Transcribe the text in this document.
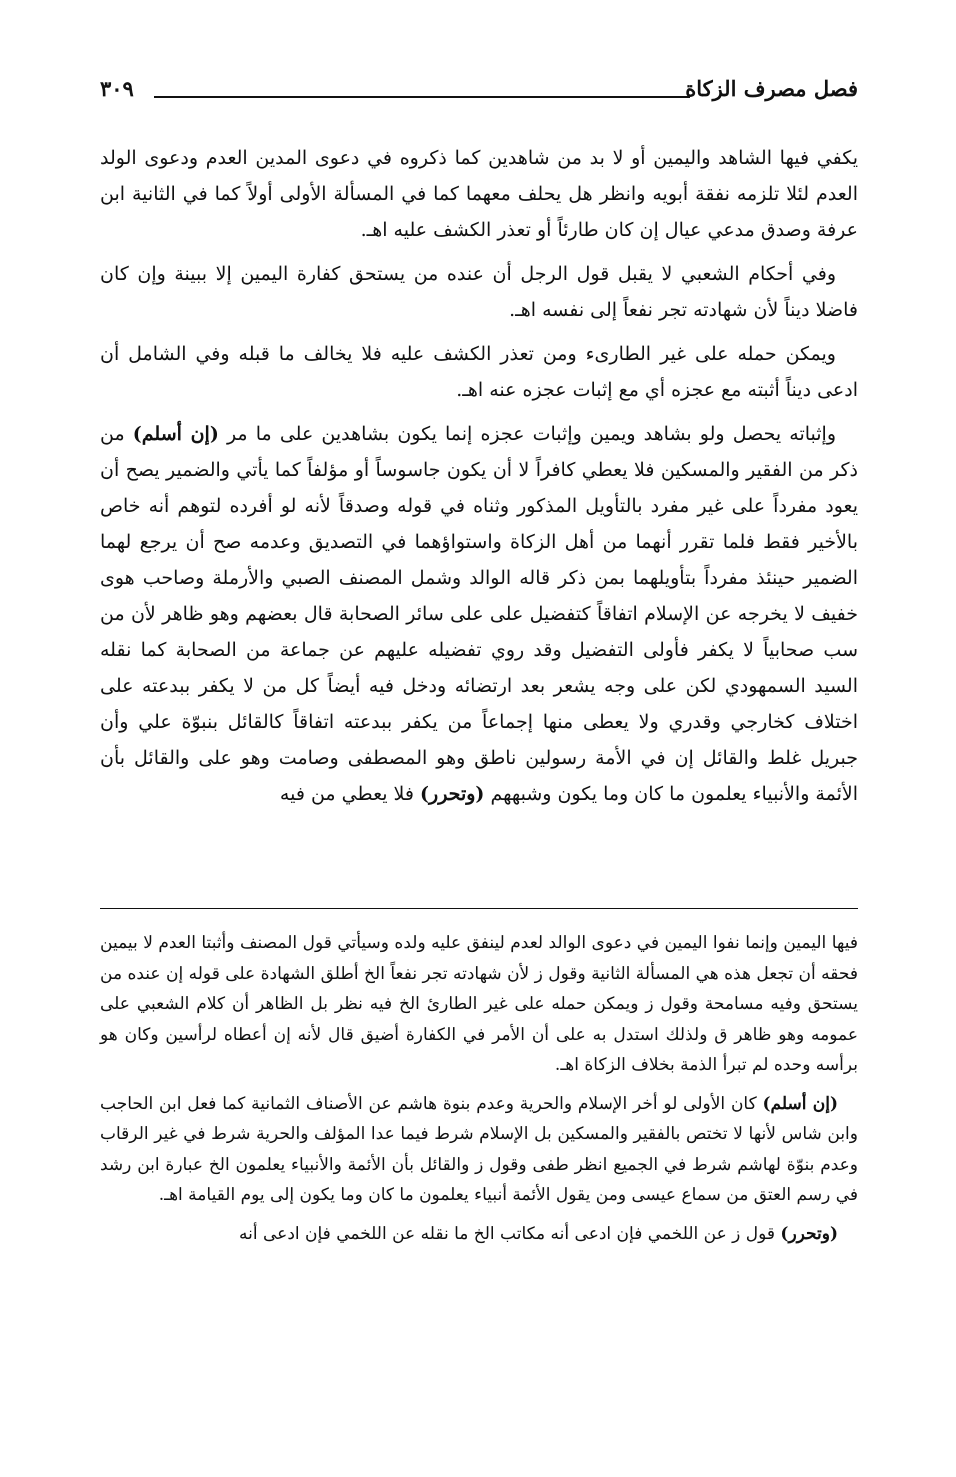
فصل مصرف الزكاة
٣٠٩

يكفي فيها الشاهد واليمين أو لا بد من شاهدين كما ذكروه في دعوى المدين العدم ودعوى الولد العدم لئلا تلزمه نفقة أبويه وانظر هل يحلف معهما كما في المسألة الأولى أولاً كما في الثانية ابن عرفة وصدق مدعي عيال إن كان طارئاً أو تعذر الكشف عليه اهـ.

وفي أحكام الشعبي لا يقبل قول الرجل أن عنده من يستحق كفارة اليمين إلا ببينة وإن كان فاضلا ديناً لأن شهادته تجر نفعاً إلى نفسه اهـ.

ويمكن حمله على غير الطارىء ومن تعذر الكشف عليه فلا يخالف ما قبله وفي الشامل أن ادعى ديناً أثبته مع عجزه أي مع إثبات عجزه عنه اهـ.

وإثباته يحصل ولو بشاهد ويمين وإثبات عجزه إنما يكون بشاهدين على ما مر (إن أسلم) من ذكر من الفقير والمسكين فلا يعطي كافراً لا أن يكون جاسوساً أو مؤلفاً كما يأتي والضمير يصح أن يعود مفرداً على غير مفرد بالتأويل المذكور وثناه في قوله وصدقاً لأنه لو أفرده لتوهم أنه خاص بالأخير فقط فلما تقرر أنهما من أهل الزكاة واستواؤهما في التصديق وعدمه صح أن يرجع لهما الضمير حينئذ مفرداً بتأويلهما بمن ذكر قاله الوالد وشمل المصنف الصبي والأرملة وصاحب هوى خفيف لا يخرجه عن الإسلام اتفاقاً كتفضيل على على سائر الصحابة قال بعضهم وهو ظاهر لأن من سب صحابياً لا يكفر فأولى التفضيل وقد روي تفضيله عليهم عن جماعة من الصحابة كما نقله السيد السمهودي لكن على وجه يشعر بعد ارتضائه ودخل فيه أيضاً كل من لا يكفر ببدعته على اختلاف كخارجي وقدري ولا يعطى منها إجماعاً من يكفر ببدعته اتفاقاً كالقائل بنبوّة علي وأن جبريل غلط والقائل إن في الأمة رسولين ناطق وهو المصطفى وصامت وهو على والقائل بأن الأئمة والأنبياء يعلمون ما كان وما يكون وشبههم (وتحرر) فلا يعطي من فيه

فيها اليمين وإنما نفوا اليمين في دعوى الوالد لعدم لينفق عليه ولده وسيأتي قول المصنف وأثبتا العدم لا بيمين فحقه أن تجعل هذه هي المسألة الثانية وقول ز لأن شهادته تجر نفعاً الخ أطلق الشهادة على قوله إن عنده من يستحق وفيه مسامحة وقول ز ويمكن حمله على غير الطارئ الخ فيه نظر بل الظاهر أن كلام الشعبي على عمومه وهو ظاهر ق ولذلك استدل به على أن الأمر في الكفارة أضيق قال لأنه إن أعطاه لرأسين وكان هو برأسه وحده لم تبرأ الذمة بخلاف الزكاة اهـ.

(إن أسلم) كان الأولى لو أخر الإسلام والحرية وعدم بنوة هاشم عن الأصناف الثمانية كما فعل ابن الحاجب وابن شاس لأنها لا تختص بالفقير والمسكين بل الإسلام شرط فيما عدا المؤلف والحرية شرط في غير الرقاب وعدم بنوّة لهاشم شرط في الجميع انظر طفى وقول ز والقائل بأن الأئمة والأنبياء يعلمون الخ عبارة ابن رشد في رسم العتق من سماع عيسى ومن يقول الأئمة أنبياء يعلمون ما كان وما يكون إلى يوم القيامة اهـ.

(وتحرر) قول ز عن اللخمي فإن ادعى أنه مكاتب الخ ما نقله عن اللخمي فإن ادعى أنه
